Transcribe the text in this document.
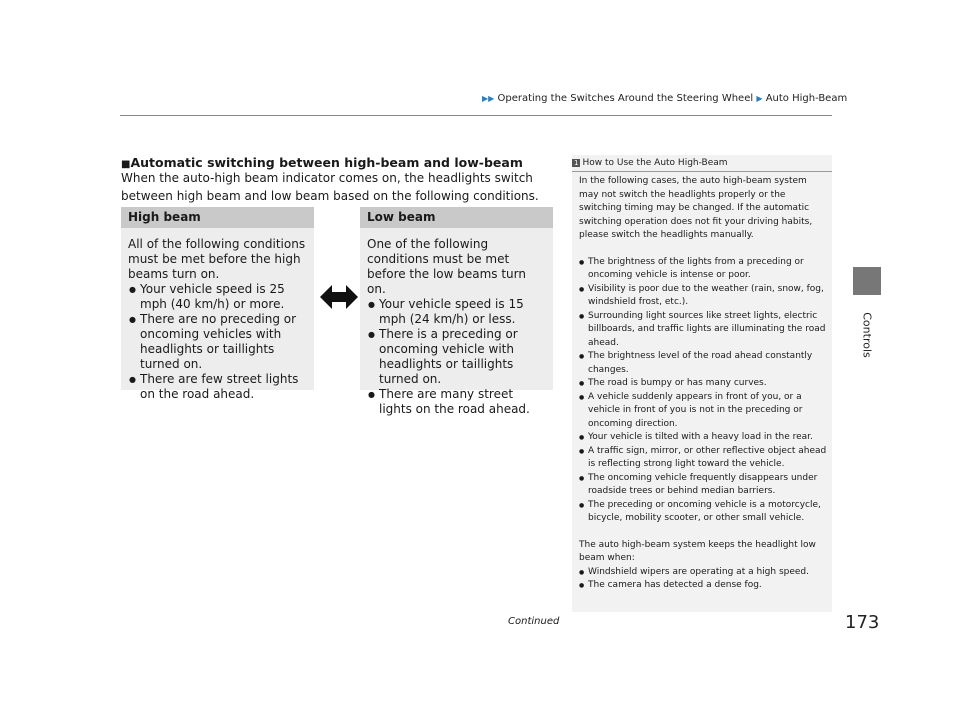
▶▶ Operating the Switches Around the Steering Wheel ▶ Auto High-Beam
Controls
■Automatic switching between high-beam and low-beam
When the auto-high beam indicator comes on, the headlights switch between high beam and low beam based on the following conditions.
High beam
All of the following conditions must be met before the high beams turn on.
● Your vehicle speed is 25 mph (40 km/h) or more.
● There are no preceding or oncoming vehicles with headlights or taillights turned on.
● There are few street lights on the road ahead.
Low beam
One of the following conditions must be met before the low beams turn on.
● Your vehicle speed is 15 mph (24 km/h) or less.
● There is a preceding or oncoming vehicle with headlights or taillights turned on.
● There are many street lights on the road ahead.
1 How to Use the Auto High-Beam

In the following cases, the auto high-beam system may not switch the headlights properly or the switching timing may be changed. If the automatic switching operation does not fit your driving habits, please switch the headlights manually.

● The brightness of the lights from a preceding or oncoming vehicle is intense or poor.
● Visibility is poor due to the weather (rain, snow, fog, windshield frost, etc.).
● Surrounding light sources like street lights, electric billboards, and traffic lights are illuminating the road ahead.
● The brightness level of the road ahead constantly changes.
● The road is bumpy or has many curves.
● A vehicle suddenly appears in front of you, or a vehicle in front of you is not in the preceding or oncoming direction.
● Your vehicle is tilted with a heavy load in the rear.
● A traffic sign, mirror, or other reflective object ahead is reflecting strong light toward the vehicle.
● The oncoming vehicle frequently disappears under roadside trees or behind median barriers.
● The preceding or oncoming vehicle is a motorcycle, bicycle, mobility scooter, or other small vehicle.

The auto high-beam system keeps the headlight low beam when:

● Windshield wipers are operating at a high speed.
● The camera has detected a dense fog.
Continued	173
